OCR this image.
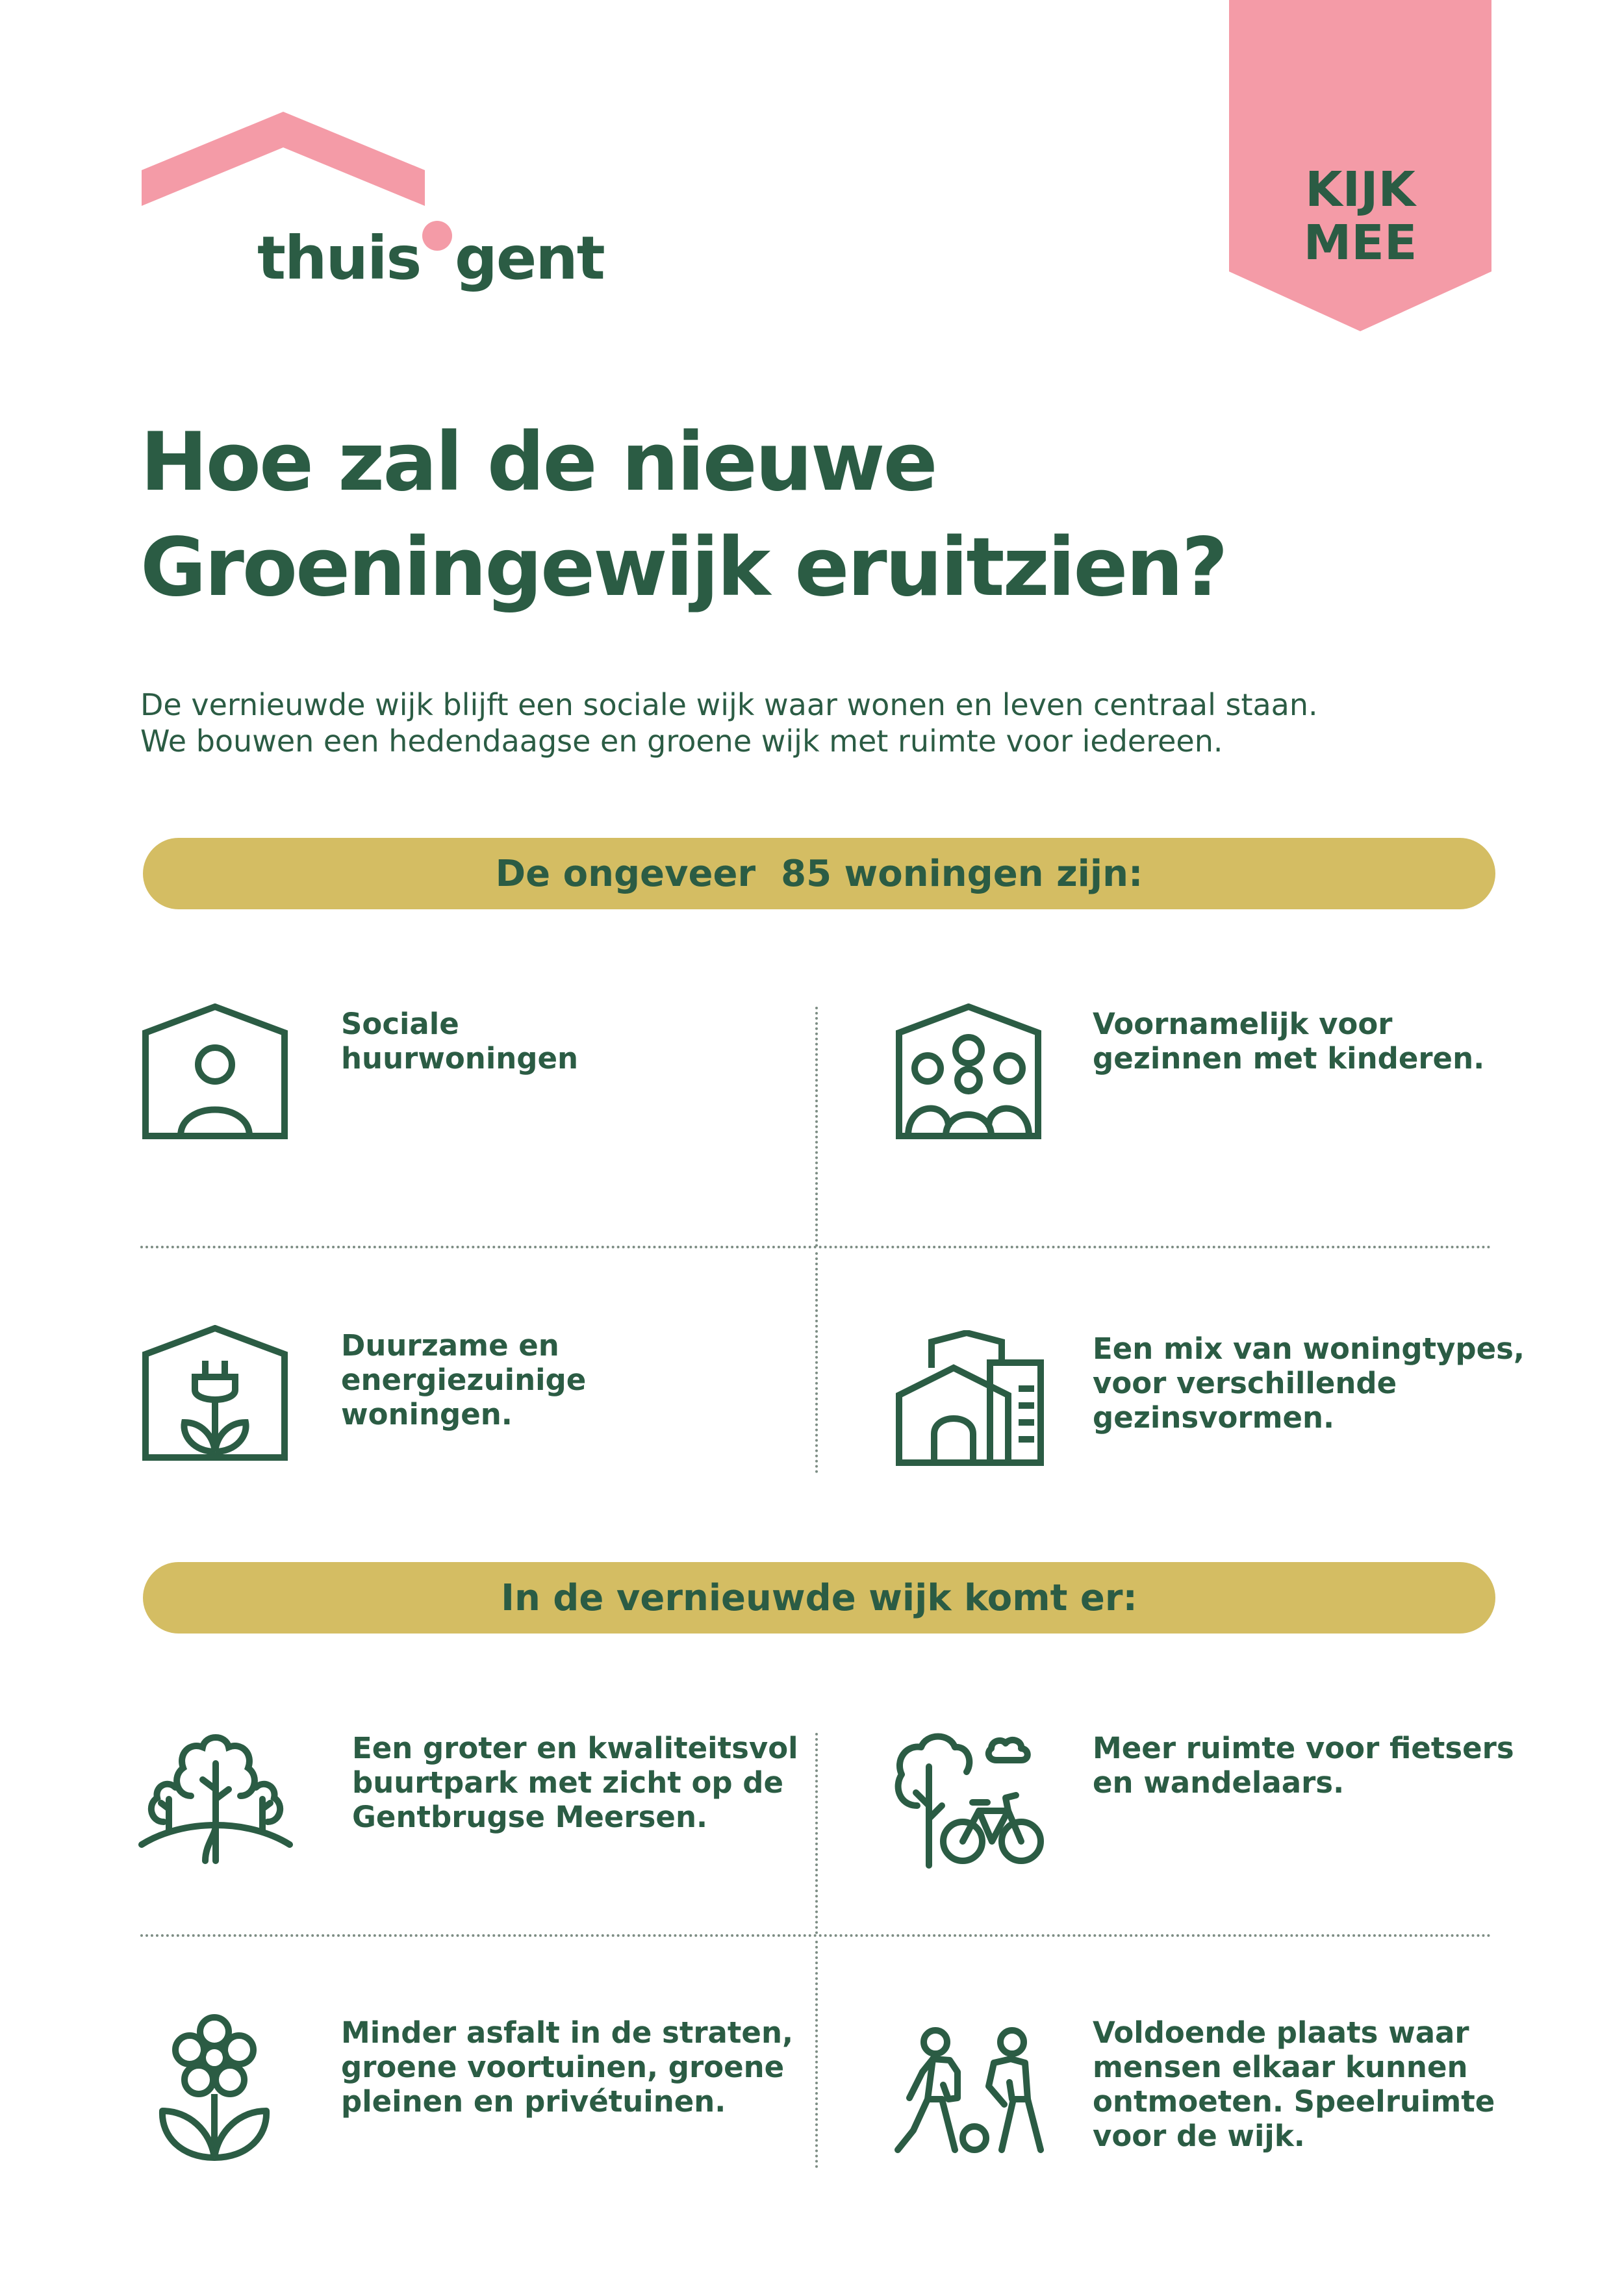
thuis gent
KIJK
MEE
Hoe zal de nieuwe
Groeningewijk eruitzien?
De vernieuwde wijk blijft een sociale wijk waar wonen en leven centraal staan.
We bouwen een hedendaagse en groene wijk met ruimte voor iedereen.
De ongeveer  85 woningen zijn:
Sociale
huurwoningen
Voornamelijk voor
gezinnen met kinderen.
Duurzame en
energiezuinige
woningen.
Een mix van woningtypes,
voor verschillende
gezinsvormen.
In de vernieuwde wijk komt er:
Een groter en kwaliteitsvol
buurtpark met zicht op de
Gentbrugse Meersen.
Meer ruimte voor fietsers
en wandelaars.
Minder asfalt in de straten,
groene voortuinen, groene
pleinen en privétuinen.
Voldoende plaats waar
mensen elkaar kunnen
ontmoeten. Speelruimte
voor de wijk.
